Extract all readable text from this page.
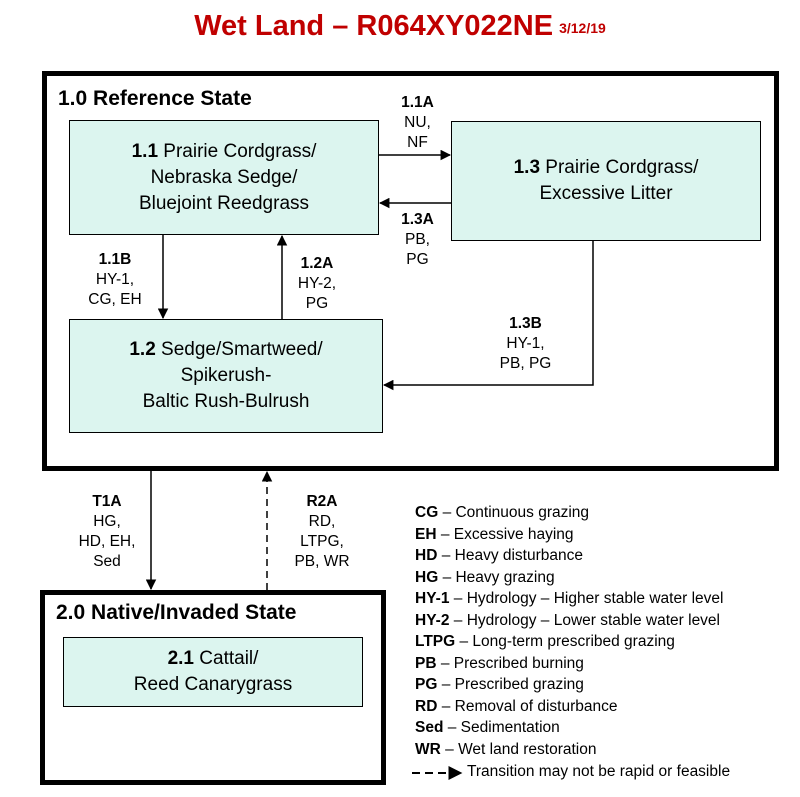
Wet Land – R064XY022NE 3/12/19
1.0 Reference State
2.0 Native/Invaded State
1.1 Prairie Cordgrass/
Nebraska Sedge/
Bluejoint Reedgrass
1.3 Prairie Cordgrass/
Excessive Litter
1.2 Sedge/Smartweed/
Spikerush-
Baltic Rush-Bulrush
2.1 Cattail/
Reed Canarygrass
1.1A
NU,
NF
1.3A
PB,
PG
1.1B
HY-1,
CG, EH
1.2A
HY-2,
PG
1.3B
HY-1,
PB, PG
T1A
HG,
HD, EH,
Sed
R2A
RD,
LTPG,
PB, WR
CG – Continuous grazing
EH – Excessive haying
HD – Heavy disturbance
HG – Heavy grazing
HY-1 – Hydrology – Higher stable water level
HY-2 – Hydrology – Lower stable water level
LTPG – Long-term prescribed grazing
PB – Prescribed burning
PG – Prescribed grazing
RD – Removal of disturbance
Sed – Sedimentation
WR – Wet land restoration
Transition may not be rapid or feasible
